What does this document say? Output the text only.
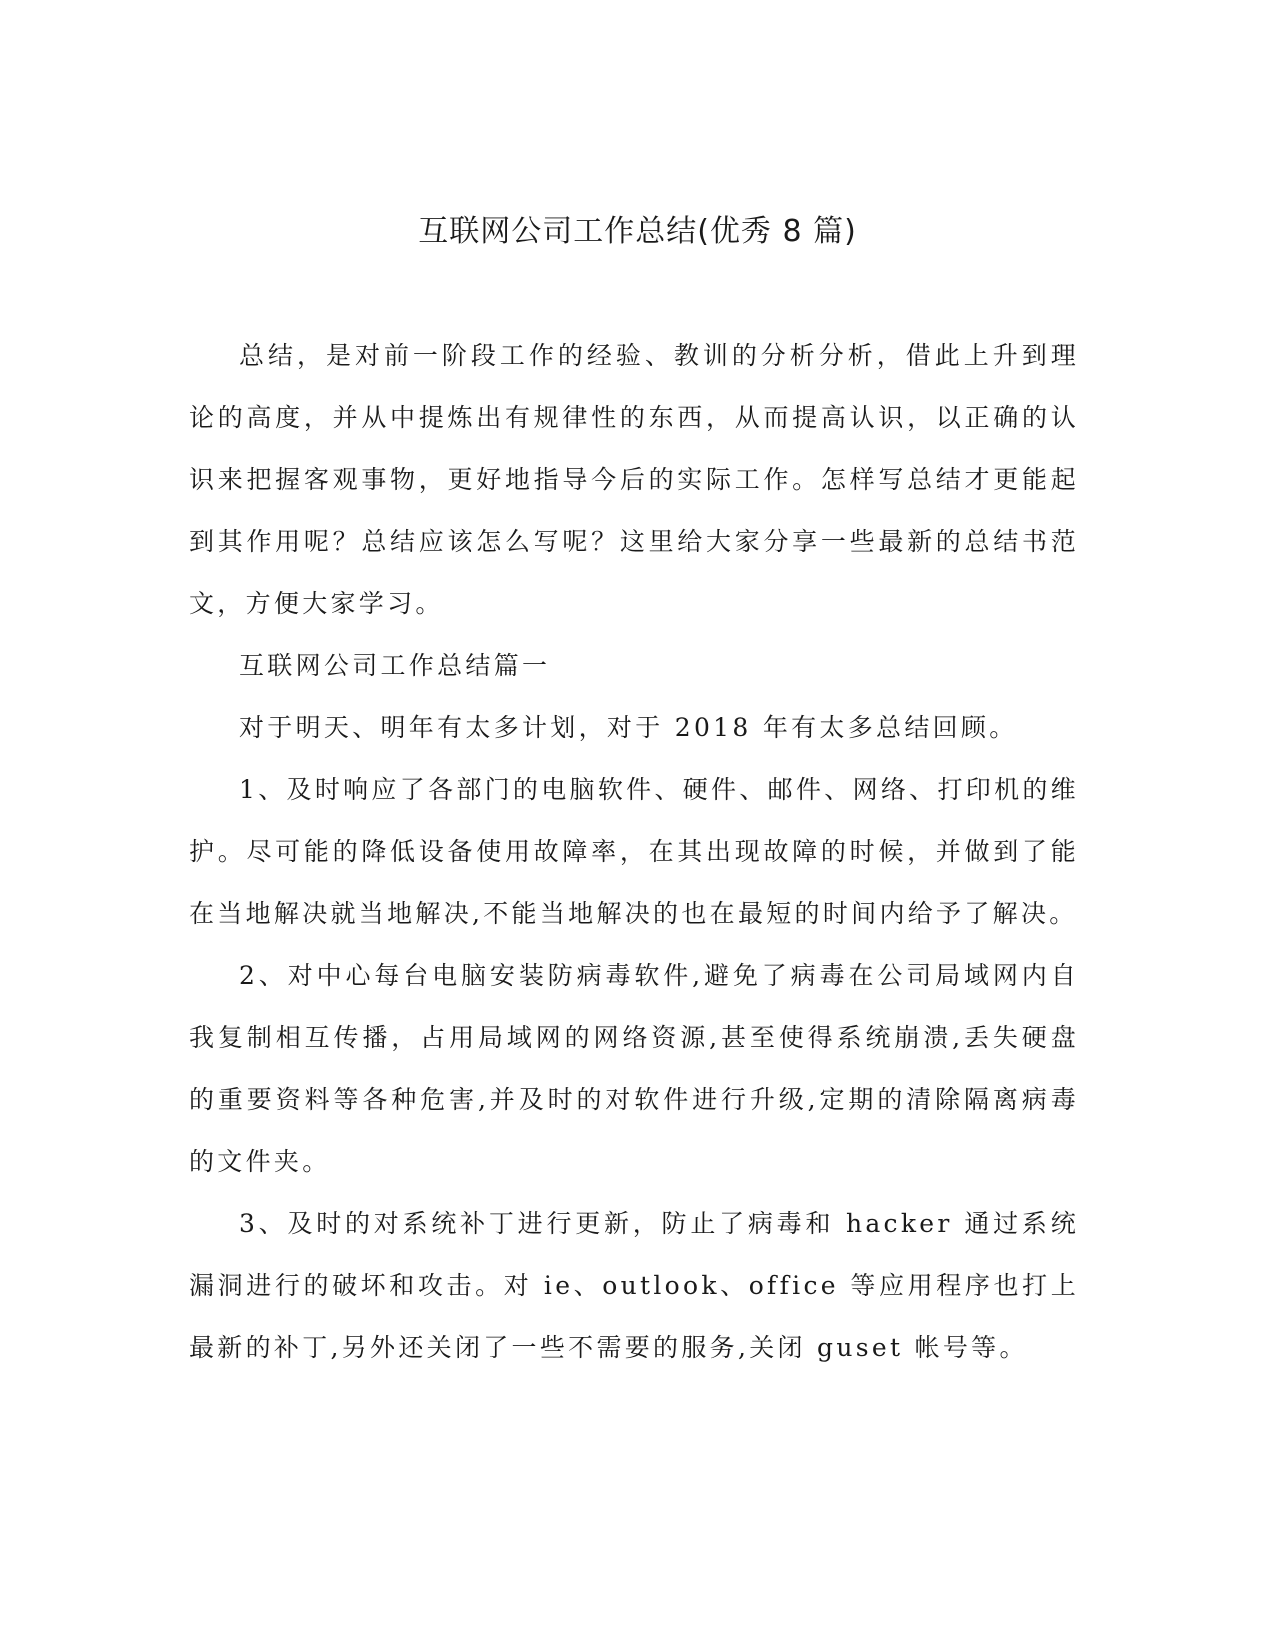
互联网公司工作总结(优秀 8 篇)

总结，是对前一阶段工作的经验、教训的分析分析，借此上升到理论的高度，并从中提炼出有规律性的东西，从而提高认识，以正确的认识来把握客观事物，更好地指导今后的实际工作。怎样写总结才更能起到其作用呢？总结应该怎么写呢？这里给大家分享一些最新的总结书范文，方便大家学习。

互联网公司工作总结篇一

对于明天、明年有太多计划，对于 2018 年有太多总结回顾。

1、及时响应了各部门的电脑软件、硬件、邮件、网络、打印机的维护。尽可能的降低设备使用故障率，在其出现故障的时候，并做到了能在当地解决就当地解决,不能当地解决的也在最短的时间内给予了解决。

2、对中心每台电脑安装防病毒软件,避免了病毒在公司局域网内自我复制相互传播，占用局域网的网络资源,甚至使得系统崩溃,丢失硬盘的重要资料等各种危害,并及时的对软件进行升级,定期的清除隔离病毒的文件夹。

3、及时的对系统补丁进行更新，防止了病毒和 hacker 通过系统漏洞进行的破坏和攻击。对 ie、outlook、office 等应用程序也打上最新的补丁,另外还关闭了一些不需要的服务,关闭 guset 帐号等。
